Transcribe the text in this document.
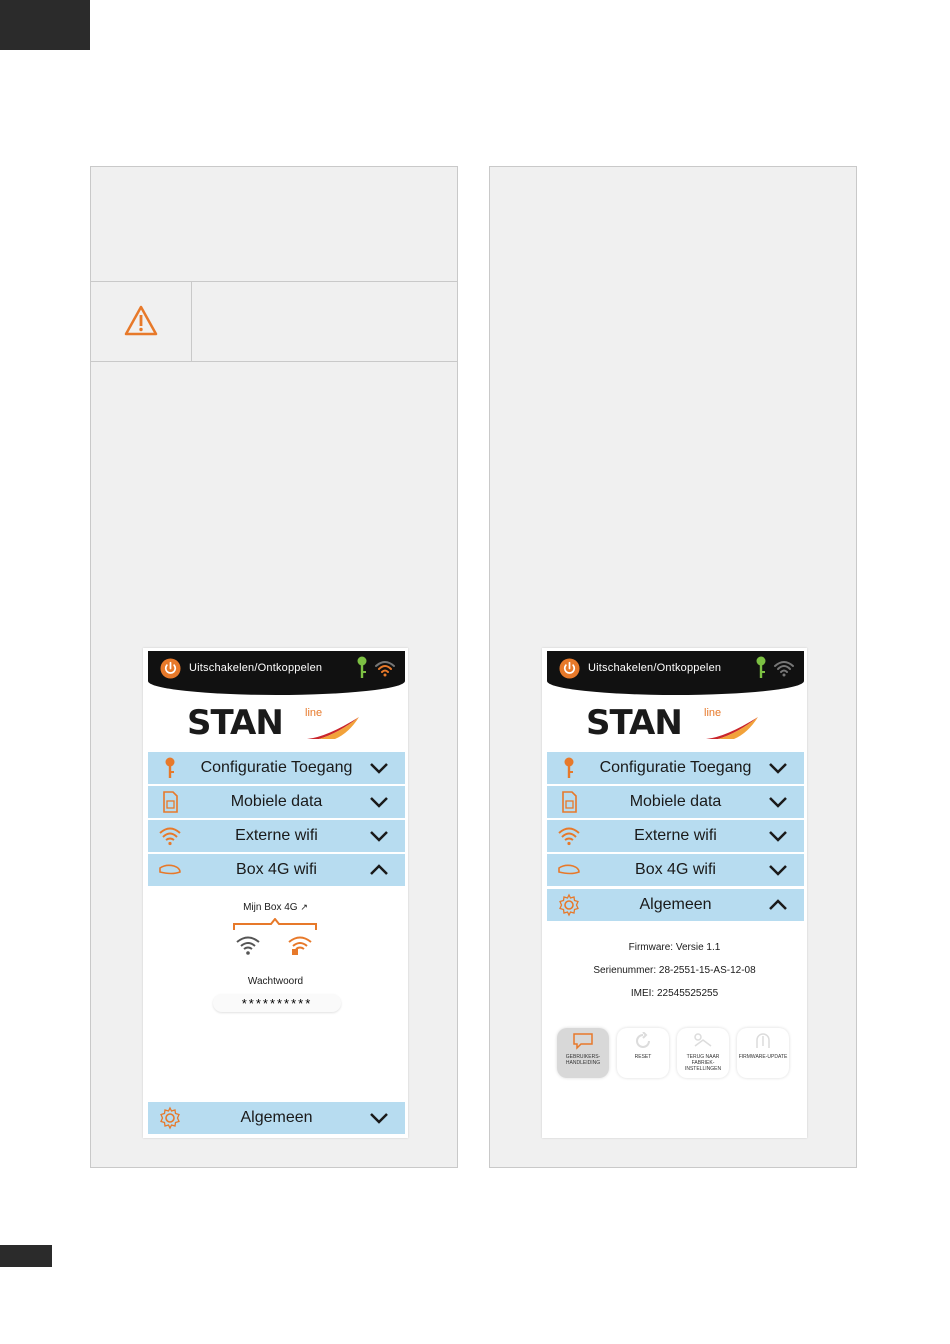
Uitschakelen/Ontkoppelen
STAN line
Configuratie Toegang
Mobiele data
Externe wifi
Box 4G wifi
Mijn Box 4G ↗
Wachtwoord
**********
Algemeen
Uitschakelen/Ontkoppelen
STAN line
Configuratie Toegang
Mobiele data
Externe wifi
Box 4G wifi
Algemeen
Firmware: Versie 1.1
Serienummer: 28-2551-15-AS-12-08
IMEI: 22545525255
GEBRUIKERS-HANDLEIDING
RESET	TERUG NAAR FABRIEK-INSTELLINGEN
FIRMWARE-UPDATE
